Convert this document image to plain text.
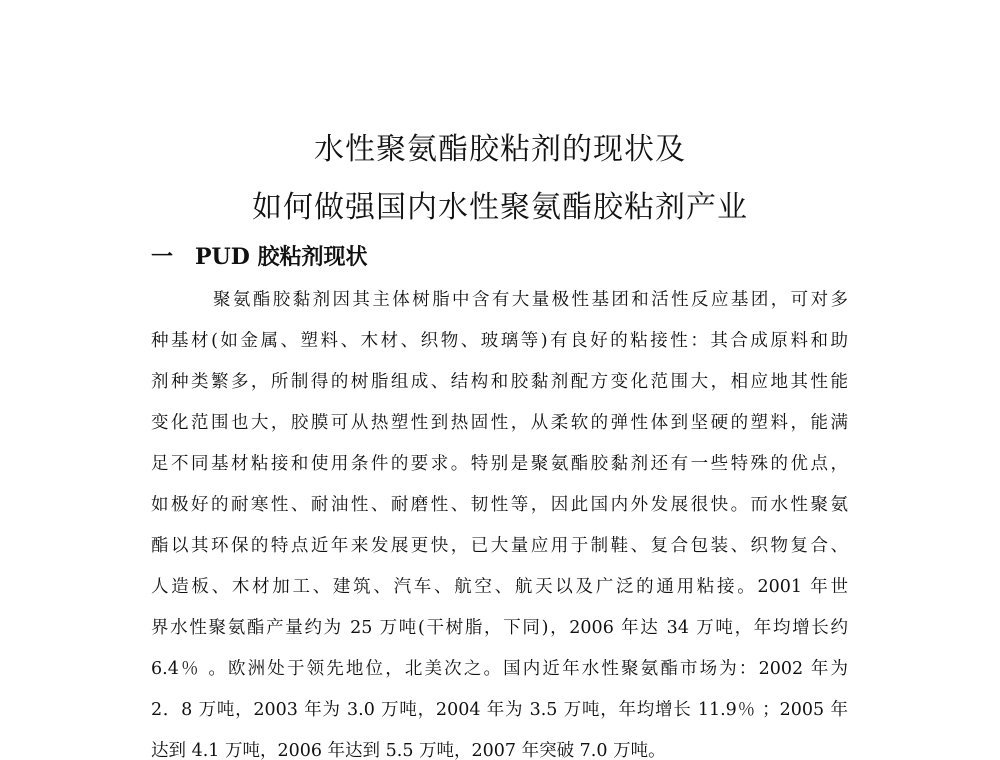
水性聚氨酯胶粘剂的现状及
如何做强国内水性聚氨酯胶粘剂产业
一 PUD 胶粘剂现状
聚氨酯胶黏剂因其主体树脂中含有大量极性基团和活性反应基团，可对多
种基材(如金属、塑料、木材、织物、玻璃等)有良好的粘接性：其合成原料和助
剂种类繁多，所制得的树脂组成、结构和胶黏剂配方变化范围大，相应地其性能
变化范围也大，胶膜可从热塑性到热固性，从柔软的弹性体到坚硬的塑料，能满
足不同基材粘接和使用条件的要求。特别是聚氨酯胶黏剂还有一些特殊的优点，
如极好的耐寒性、耐油性、耐磨性、韧性等，因此国内外发展很快。而水性聚氨
酯以其环保的特点近年来发展更快，已大量应用于制鞋、复合包装、织物复合、
人造板、木材加工、建筑、汽车、航空、航天以及广泛的通用粘接。2001 年世
界水性聚氨酯产量约为 25 万吨(干树脂，下同)，2006 年达 34 万吨，年均增长约
6.4％ 。欧洲处于领先地位，北美次之。国内近年水性聚氨酯市场为：2002 年为
2．8 万吨，2003 年为 3.0 万吨，2004 年为 3.5 万吨，年均增长 11.9％ ；2005 年
达到 4.1 万吨，2006 年达到 5.5 万吨，2007 年突破 7.0 万吨。
